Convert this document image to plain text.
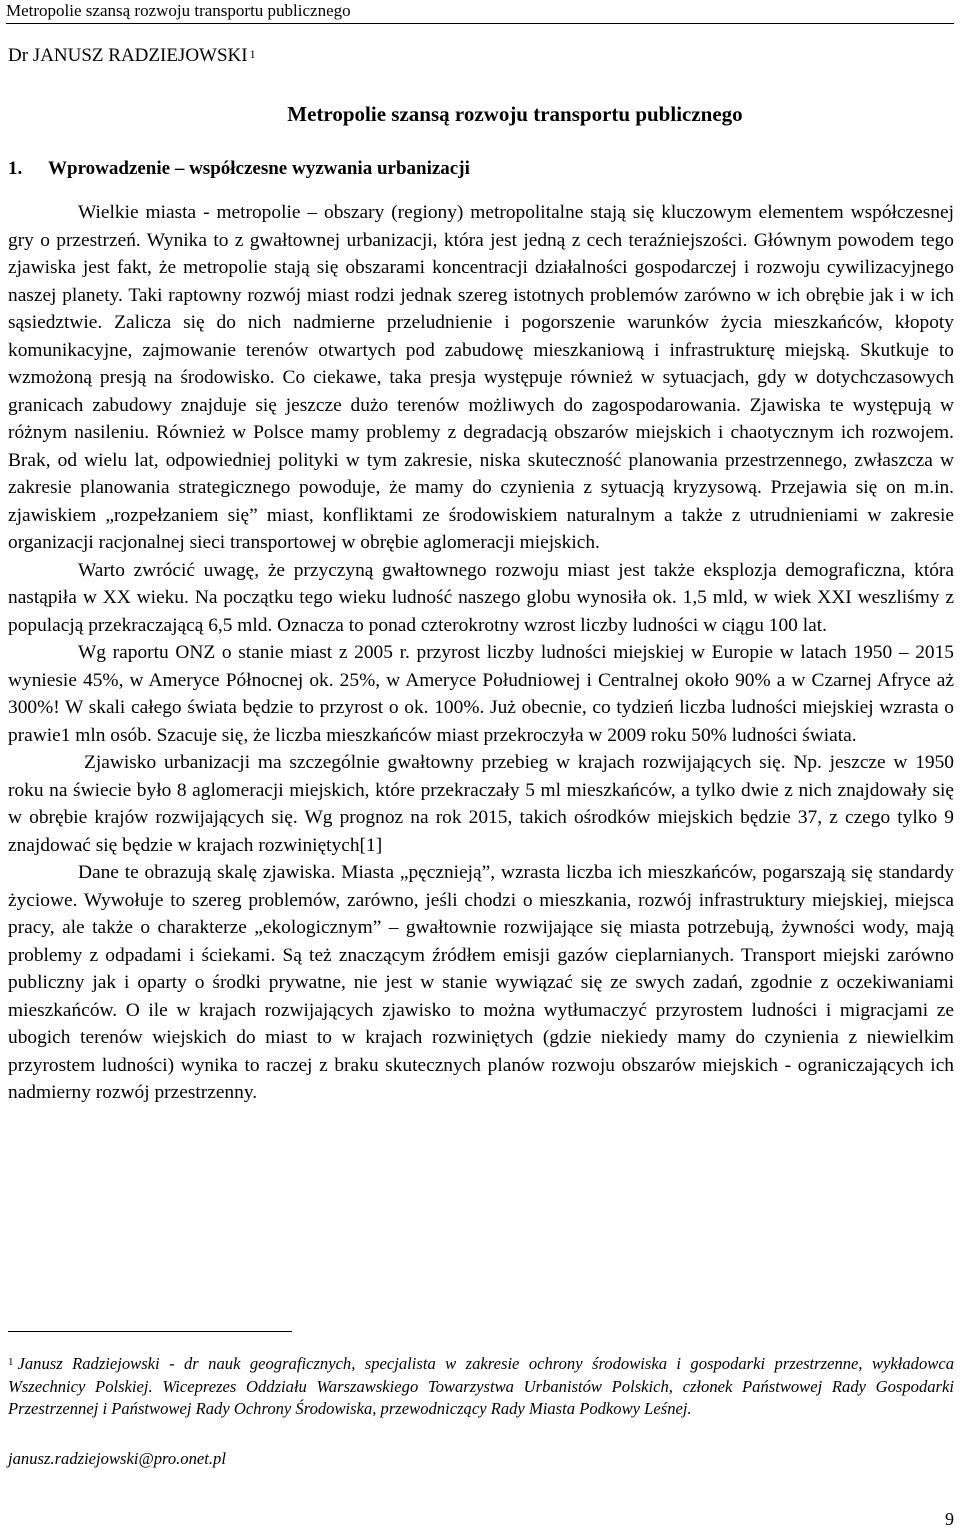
Metropolie szansą rozwoju transportu publicznego
Dr JANUSZ RADZIEJOWSKI $^1$
Metropolie szansą rozwoju transportu publicznego
1. Wprowadzenie – współczesne wyzwania urbanizacji

Wielkie miasta - metropolie – obszary (regiony) metropolitalne stają się kluczowym elementem współczesnej gry o przestrzeń. Wynika to z gwałtownej urbanizacji, która jest jedną z cech teraźniejszości. Głównym powodem tego zjawiska jest fakt, że metropolie stają się obszarami koncentracji działalności gospodarczej i rozwoju cywilizacyjnego naszej planety. Taki raptowny rozwój miast rodzi jednak szereg istotnych problemów zarówno w ich obrębie jak i w ich sąsiedztwie. Zalicza się do nich nadmierne przeludnienie i pogorszenie warunków życia mieszkańców, kłopoty komunikacyjne, zajmowanie terenów otwartych pod zabudowę mieszkaniową i infrastrukturę miejską. Skutkuje to wzmożoną presją na środowisko. Co ciekawe, taka presja występuje również w sytuacjach, gdy w dotychczasowych granicach zabudowy znajduje się jeszcze dużo terenów możliwych do zagospodarowania. Zjawiska te występują w różnym nasileniu. Również w Polsce mamy problemy z degradacją obszarów miejskich i chaotycznym ich rozwojem. Brak, od wielu lat, odpowiedniej polityki w tym zakresie, niska skuteczność planowania przestrzennego, zwłaszcza w zakresie planowania strategicznego powoduje, że mamy do czynienia z sytuacją kryzysową. Przejawia się on m.in. zjawiskiem „rozpełzaniem się” miast, konfliktami ze środowiskiem naturalnym a także z utrudnieniami w zakresie organizacji racjonalnej sieci transportowej w obrębie aglomeracji miejskich.

Warto zwrócić uwagę, że przyczyną gwałtownego rozwoju miast jest także eksplozja demograficzna, która nastąpiła w XX wieku. Na początku tego wieku ludność naszego globu wynosiła ok. 1,5 mld, w wiek XXI weszliśmy z populacją przekraczającą 6,5 mld. Oznacza to ponad czterokrotny wzrost liczby ludności w ciągu 100 lat.

Wg raportu ONZ o stanie miast z 2005 r. przyrost liczby ludności miejskiej w Europie w latach 1950 – 2015 wyniesie 45%, w Ameryce Północnej ok. 25%, w Ameryce Południowej i Centralnej około 90% a w Czarnej Afryce aż 300%! W skali całego świata będzie to przyrost o ok. 100%. Już obecnie, co tydzień liczba ludności miejskiej wzrasta o prawie1 mln osób. Szacuje się, że liczba mieszkańców miast przekroczyła w 2009 roku 50% ludności świata.

Zjawisko urbanizacji ma szczególnie gwałtowny przebieg w krajach rozwijających się. Np. jeszcze w 1950 roku na świecie było 8 aglomeracji miejskich, które przekraczały 5 ml mieszkańców, a tylko dwie z nich znajdowały się w obrębie krajów rozwijających się. Wg prognoz na rok 2015, takich ośrodków miejskich będzie 37, z czego tylko 9 znajdować się będzie w krajach rozwiniętych[1]

Dane te obrazują skalę zjawiska. Miasta „pęcznieją”, wzrasta liczba ich mieszkańców, pogarszają się standardy życiowe. Wywołuje to szereg problemów, zarówno, jeśli chodzi o mieszkania, rozwój infrastruktury miejskiej, miejsca pracy, ale także o charakterze „ekologicznym” – gwałtownie rozwijające się miasta potrzebują, żywności wody, mają problemy z odpadami i ściekami. Są też znaczącym źródłem emisji gazów cieplarnianych. Transport miejski zarówno publiczny jak i oparty o środki prywatne, nie jest w stanie wywiązać się ze swych zadań, zgodnie z oczekiwaniami mieszkańców. O ile w krajach rozwijających zjawisko to można wytłumaczyć przyrostem ludności i migracjami ze ubogich terenów wiejskich do miast to w krajach rozwiniętych (gdzie niekiedy mamy do czynienia z niewielkim przyrostem ludności) wynika to raczej z braku skutecznych planów rozwoju obszarów miejskich - ograniczających ich nadmierny rozwój przestrzenny.

$^1$ Janusz Radziejowski - dr nauk geograficznych, specjalista w zakresie ochrony środowiska i gospodarki przestrzenne, wykładowca Wszechnicy Polskiej. Wiceprezes Oddziału Warszawskiego Towarzystwa Urbanistów Polskich, członek Państwowej Rady Gospodarki Przestrzennej i Państwowej Rady Ochrony Środowiska, przewodniczący Rady Miasta Podkowy Leśnej.
janusz.radziejowski@pro.onet.pl
9
